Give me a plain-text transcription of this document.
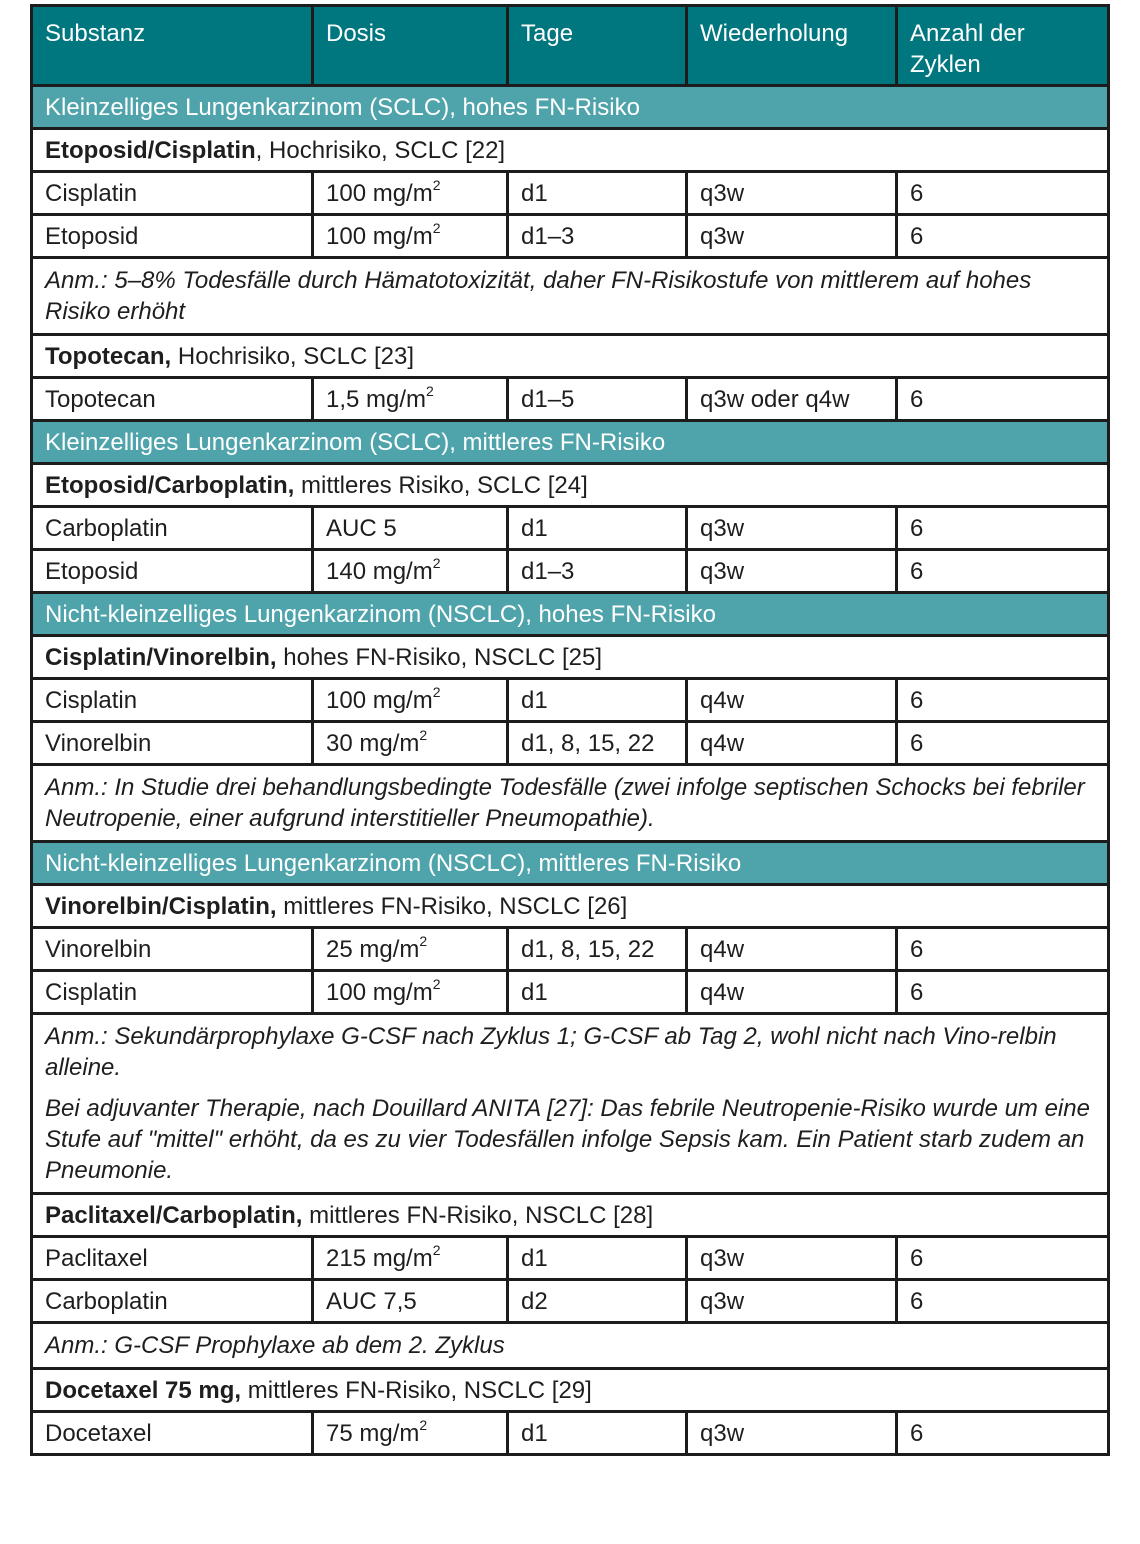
Substanz	Dosis	Tage	Wiederholung	Anzahl der Zyklen
Kleinzelliges Lungenkarzinom (SCLC), hohes FN-Risiko				
Etoposid/Cisplatin, Hochrisiko, SCLC [22]				
Cisplatin	100 $mg/m^2$	d1	q3w	6
Etoposid	100 $mg/m^2$	d1–3	q3w	6

Anm.: 5–8% Todesfälle durch Hämatotoxizität, daher FN-Risikostufe von mittlerem auf hohes Risiko erhöht				

Topotecan, Hochrisiko, SCLC [23]				
Topotecan	1,5 $mg/m^2$	d1–5	q3w oder q4w	6
Kleinzelliges Lungenkarzinom (SCLC), mittleres FN-Risiko				
Etoposid/Carboplatin, mittleres Risiko, SCLC [24]				
Carboplatin	AUC 5	d1	q3w	6
Etoposid	140 $mg/m^2$	d1–3	q3w	6
Nicht-kleinzelliges Lungenkarzinom (NSCLC), hohes FN-Risiko				
Cisplatin/Vinorelbin, hohes FN-Risiko, NSCLC [25]				
Cisplatin	100 $mg/m^2$	d1	q4w	6
Vinorelbin	30 $mg/m^2$	d1, 8, 15, 22	q4w	6

Anm.: In Studie drei behandlungsbedingte Todesfälle (zwei infolge septischen Schocks bei febriler Neutropenie, einer aufgrund interstitieller Pneumopathie).				

Nicht-kleinzelliges Lungenkarzinom (NSCLC), mittleres FN-Risiko				
Vinorelbin/Cisplatin, mittleres FN-Risiko, NSCLC [26]				
Vinorelbin	25 $mg/m^2$	d1, 8, 15, 22	q4w	6
Cisplatin	100 $mg/m^2$	d1	q4w	6

Anm.: Sekundärprophylaxe G-CSF nach Zyklus 1; G-CSF ab Tag 2, wohl nicht nach Vino-relbin alleine.
Bei adjuvanter Therapie, nach Douillard ANITA [27]: Das febrile Neutropenie-Risiko wurde um eine Stufe auf "mittel" erhöht, da es zu vier Todesfällen infolge Sepsis kam. Ein Patient starb zudem an Pneumonie.				

Paclitaxel/Carboplatin, mittleres FN-Risiko, NSCLC [28]				
Paclitaxel	215 $mg/m^2$	d1	q3w	6
Carboplatin	AUC 7,5	d2	q3w	6

Anm.: G-CSF Prophylaxe ab dem 2. Zyklus				

Docetaxel 75 mg, mittleres FN-Risiko, NSCLC [29]				
Docetaxel	75 $mg/m^2$	d1	q3w	6
